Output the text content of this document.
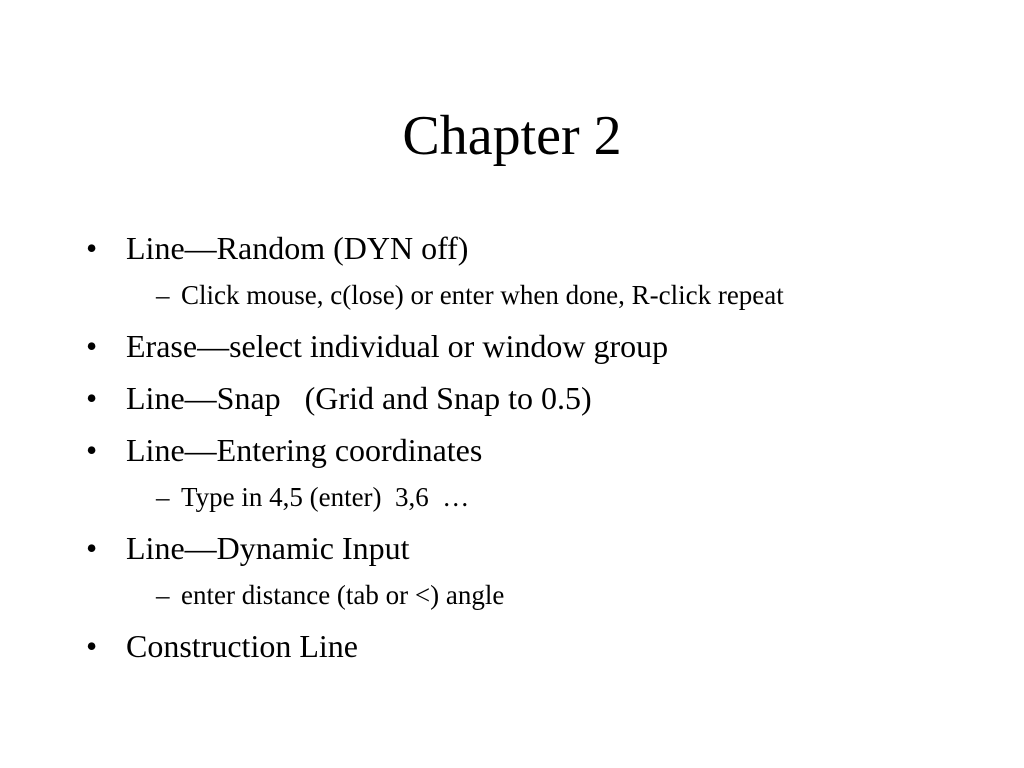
Chapter 2
• Line—Random (DYN off)
– Click mouse, c(lose) or enter when done, R-click repeat
• Erase—select individual or window group
• Line—Snap   (Grid and Snap to 0.5)
• Line—Entering coordinates
– Type in 4,5 (enter)  3,6  …
• Line—Dynamic Input
– enter distance (tab or <) angle
• Construction Line
